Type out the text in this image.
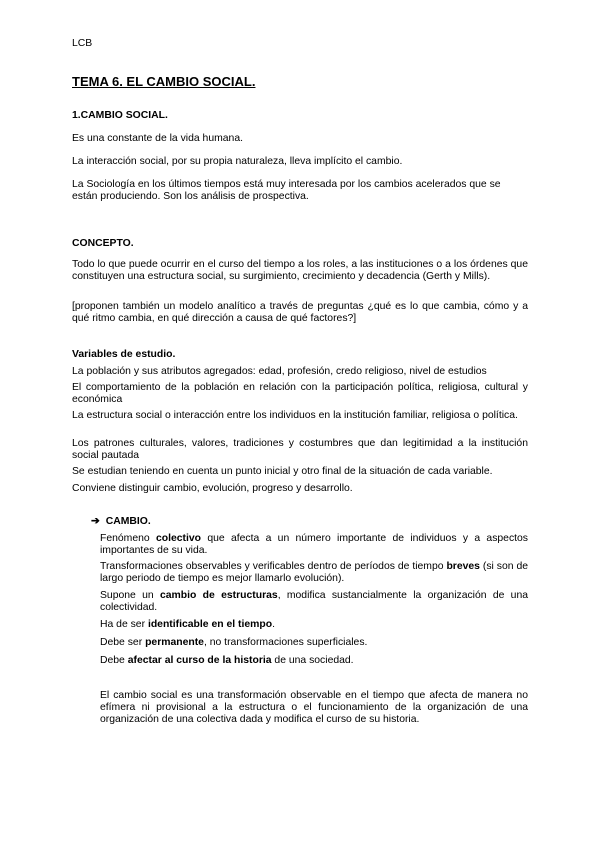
LCB
TEMA 6. EL CAMBIO SOCIAL.
1.CAMBIO SOCIAL.

Es una constante de la vida humana.

La interacción social, por su propia naturaleza, lleva implícito el cambio.

La Sociología en los últimos tiempos está muy interesada por los cambios acelerados que se están produciendo. Son los análisis de prospectiva.

CONCEPTO.

Todo lo que puede ocurrir en el curso del tiempo a los roles, a las instituciones o a los órdenes que constituyen una estructura social, su surgimiento, crecimiento y decadencia (Gerth y Mills).

[proponen también un modelo analítico a través de preguntas ¿qué es lo que cambia, cómo y a qué ritmo cambia, en qué dirección a causa de qué factores?]

Variables de estudio.

La población y sus atributos agregados: edad, profesión, credo religioso, nivel de estudios

El comportamiento de la población en relación con la participación política, religiosa, cultural y económica

La estructura social o interacción entre los individuos en la institución familiar, religiosa o política.

Los patrones culturales, valores, tradiciones y costumbres que dan legitimidad a la institución social pautada

Se estudian teniendo en cuenta un punto inicial y otro final de la situación de cada variable.

Conviene distinguir cambio, evolución, progreso y desarrollo.

➔ CAMBIO.

Fenómeno colectivo que afecta a un número importante de individuos y a aspectos importantes de su vida.

Transformaciones observables y verificables dentro de períodos de tiempo breves (si son de largo periodo de tiempo es mejor llamarlo evolución).

Supone un cambio de estructuras, modifica sustancialmente la organización de una colectividad.

Ha de ser identificable en el tiempo.

Debe ser permanente, no transformaciones superficiales.

Debe afectar al curso de la historia de una sociedad.

El cambio social es una transformación observable en el tiempo que afecta de manera no efímera ni provisional a la estructura o el funcionamiento de la organización de una organización de una colectiva dada y modifica el curso de su historia.
